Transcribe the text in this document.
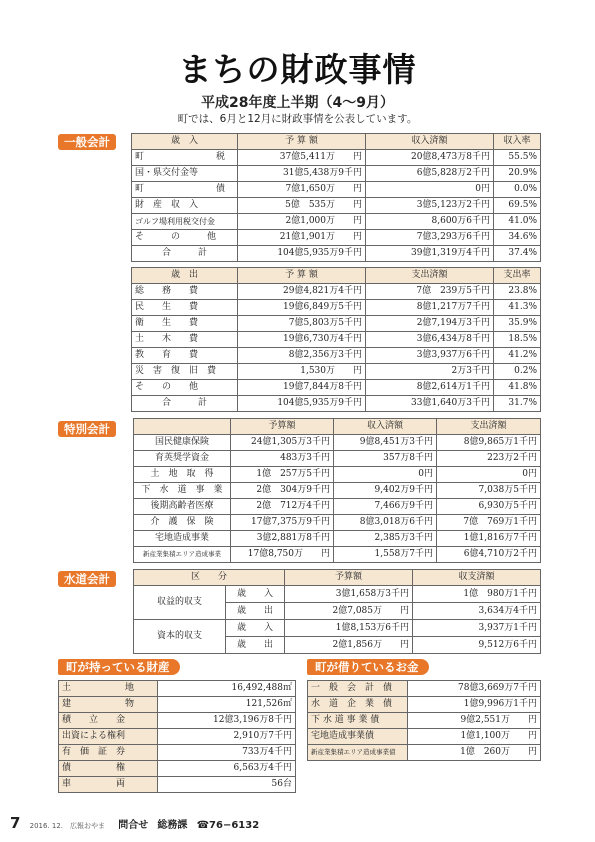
まちの財政事情
平成28年度上半期（4～9月）
町では、6月と12月に財政事情を公表しています。
一般会計	歳　入	予 算 額	収入済額	収入率
町　　　　　　　　税	37億5,411万　　円	20億8,473万8千円	55.5%
国・県交付金等	31億5,438万9千円	6億5,828万2千円	20.9%
町　　　　　　　　債	7億1,650万　　円	0円	0.0%
財　産　収　入	5億　535万　　円	3億5,123万2千円	69.5%
ゴルフ場利用税交付金	2億1,000万　　円	8,600万6千円	41.0%
そ　　　の　　　他	21億1,901万　　円	7億3,293万6千円	34.6%
合　　　計	104億5,935万9千円	39億1,319万4千円	37.4%
歳　出	予 算 額	支出済額	支出率
総　　務　　費	29億4,821万4千円	7億　239万5千円	23.8%
民　　生　　費	19億6,849万5千円	8億1,217万7千円	41.3%
衛　　生　　費	7億5,803万5千円	2億7,194万3千円	35.9%
土　　木　　費	19億6,730万4千円	3億6,434万8千円	18.5%
教　　育　　費	8億2,356万3千円	3億3,937万6千円	41.2%
災　害　復　旧　費	1,530万　　円	2万3千円	0.2%
そ　　の　　他	19億7,844万8千円	8億2,614万1千円	41.8%
合　　　計	104億5,935万9千円	33億1,640万3千円	31.7%
特別会計
		予算額	収入済額	支出済額
国民健康保険	24億1,305万3千円	9億8,451万3千円	8億9,865万1千円
育英奨学資金	483万3千円	357万8千円	223万2千円
土　地　取　得	1億　257万5千円	0円	0円
下　水　道　事　業	2億　304万9千円	9,402万9千円	7,038万5千円
後期高齢者医療	2億　712万4千円	7,466万9千円	6,930万5千円
介　護　保　険	17億7,375万9千円	8億3,018万6千円	7億　769万1千円
宅地造成事業	3億2,881万8千円	2,385万3千円	1億1,816万7千円
新産業集積エリア造成事業	17億8,750万　　円	1,558万7千円	6億4,710万2千円
水道会計	区　　分		予算額	収支済額
収益的収支	歳　　入	3億1,658万3千円	1億　980万1千円
	歳　　出	2億7,085万　　円	3,634万4千円
資本的収支	歳　　入	1億8,153万6千円	3,937万1千円
	歳　　出	2億1,856万　　円	9,512万6千円
町が持っている財産
土　　　　　　地	16,492,488㎡
建　　　　　　物	121,526㎡
積　　立　　金	12億3,196万8千円
出資による権利	2,910万7千円
有　価　証　券	733万4千円
債　　　　　権	6,563万4千円
車　　　　　両	56台
町が借りているお金
一　般　会　計　債	78億3,669万7千円
水　道　企　業　債	1億9,996万1千円
下 水 道 事 業 債	9億2,551万　　円
宅地造成事業債	1億1,100万　　円
新産業集積エリア造成事業債	1億　260万　　円
7 2016. 12.　広報おやま 問合せ 総務課 ☎76−6132
